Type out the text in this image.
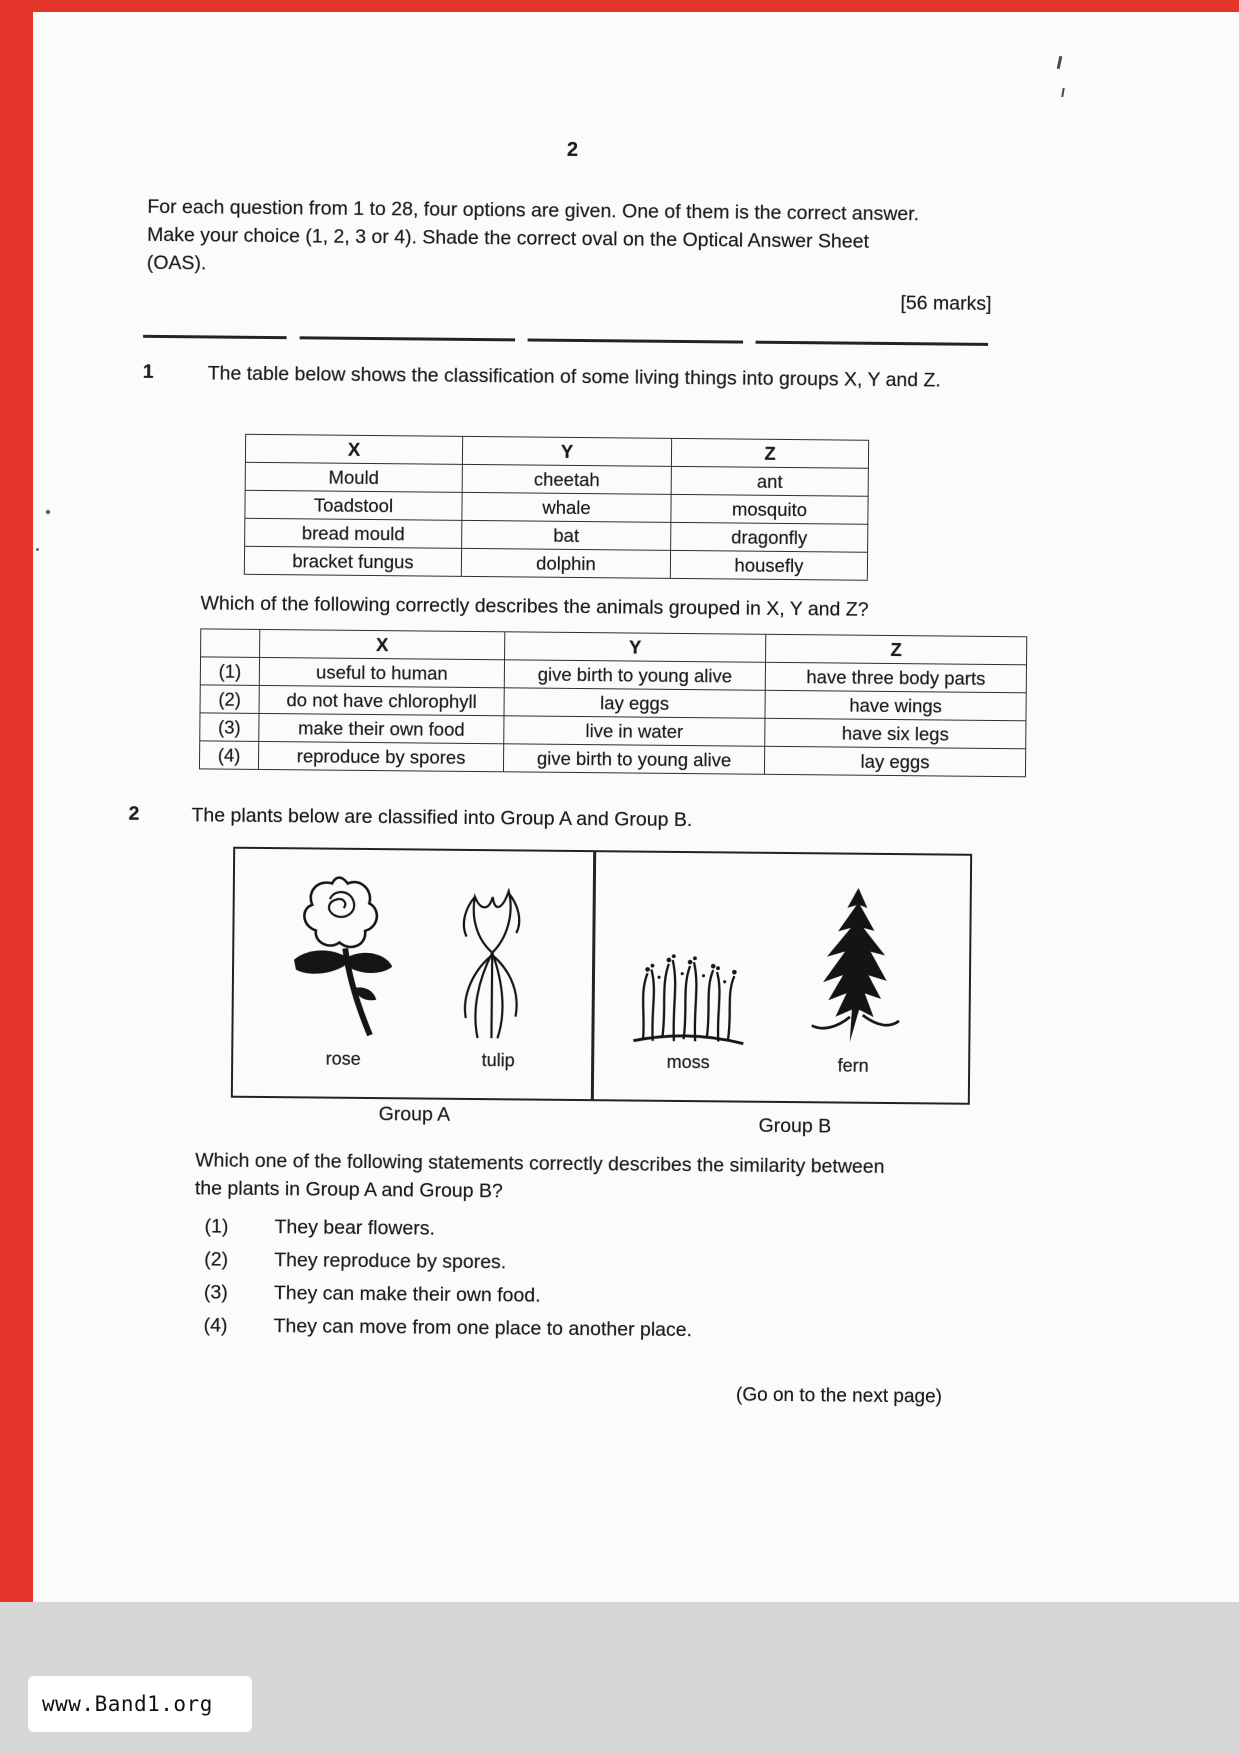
2
For each question from 1 to 28, four options are given. One of them is the correct answer.
Make your choice (1, 2, 3 or 4). Shade the correct oval on the Optical Answer Sheet
(OAS).
[56 marks]
1	The table below shows the classification of some living things into groups X, Y and Z.
X	Y	Z
Mould	cheetah	ant
Toadstool	whale	mosquito
bread mould	bat	dragonfly
bracket fungus	dolphin	housefly
Which of the following correctly describes the animals grouped in X, Y and Z?
	X	Y	Z
(1)	useful to human	give birth to young alive	have three body parts
(2)	do not have chlorophyll	lay eggs	have wings
(3)	make their own food	live in water	have six legs
(4)	reproduce by spores	give birth to young alive	lay eggs
2	The plants below are classified into Group A and Group B.
rose	tulip	moss	fern
Group A
Group B
Which one of the following statements correctly describes the similarity between the plants in Group A and Group B?
(1)	They bear flowers.
(2)	They reproduce by spores.
(3)	They can make their own food.
(4)	They can move from one place to another place.
(Go on to the next page)
www.Band1.org
